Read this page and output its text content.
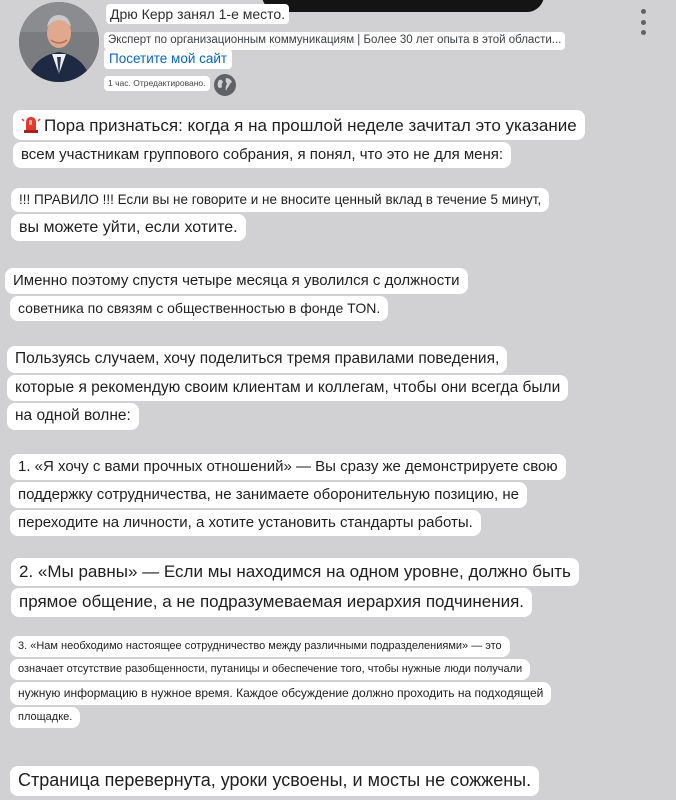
Дрю Керр занял 1-е место.
Эксперт по организационным коммуникациям | Более 30 лет опыта в этой области...
Посетите мой сайт
1 час. Отредактировано.
Пора признаться: когда я на прошлой неделе зачитал это указание
всем участникам группового собрания, я понял, что это не для меня:
!!! ПРАВИЛО !!! Если вы не говорите и не вносите ценный вклад в течение 5 минут,
вы можете уйти, если хотите.
Именно поэтому спустя четыре месяца я уволился с должности
советника по связям с общественностью в фонде TON.
Пользуясь случаем, хочу поделиться тремя правилами поведения,
которые я рекомендую своим клиентам и коллегам, чтобы они всегда были
на одной волне:
1. «Я хочу с вами прочных отношений» — Вы сразу же демонстрируете свою
поддержку сотрудничества, не занимаете оборонительную позицию, не
переходите на личности, а хотите установить стандарты работы.
2. «Мы равны» — Если мы находимся на одном уровне, должно быть
прямое общение, а не подразумеваемая иерархия подчинения.
3. «Нам необходимо настоящее сотрудничество между различными подразделениями» — это
означает отсутствие разобщенности, путаницы и обеспечение того, чтобы нужные люди получали
нужную информацию в нужное время. Каждое обсуждение должно проходить на подходящей
площадке.
Страница перевернута, уроки усвоены, и мосты не сожжены.
